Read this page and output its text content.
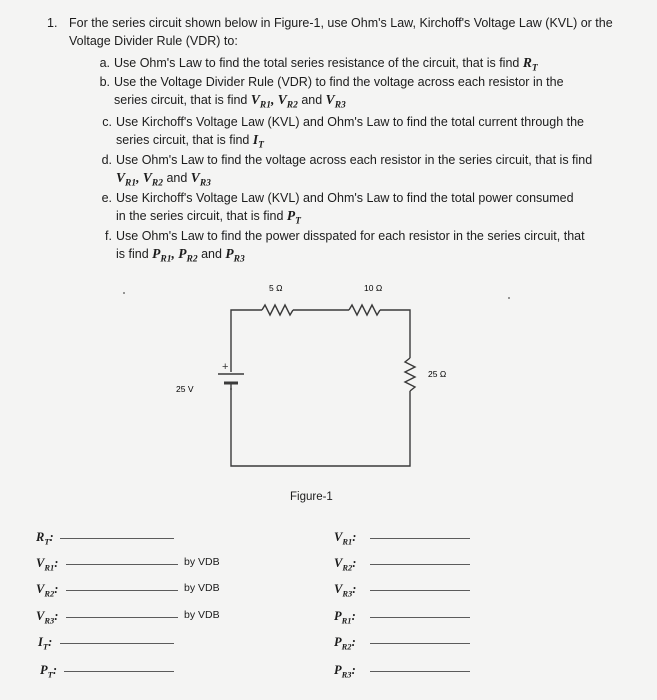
1. For the series circuit shown below in Figure-1, use Ohm's Law, Kirchoff's Voltage Law (KVL) or the Voltage Divider Rule (VDR) to:
a. Use Ohm's Law to find the total series resistance of the circuit, that is find $R_T$
b. Use the Voltage Divider Rule (VDR) to find the voltage across each resistor in the series circuit, that is find $V_{R1}$, $V_{R2}$ and $V_{R3}$
c. Use Kirchoff's Voltage Law (KVL) and Ohm's Law to find the total current through the series circuit, that is find $I_T$
d. Use Ohm's Law to find the voltage across each resistor in the series circuit, that is find $V_{R1}$, $V_{R2}$ and $V_{R3}$
e. Use Kirchoff's Voltage Law (KVL) and Ohm's Law to find the total power consumed in the series circuit, that is find $P_T$
f. Use Ohm's Law to find the power disspated for each resistor in the series circuit, that is find $P_{R1}$, $P_{R2}$ and $P_{R3}$
5 Ω	10 Ω
25 Ω
25 V
+
Figure-1
$R_T$:
$V_{R1}$:	by VDB
$V_{R2}$:	by VDB
$V_{R3}$:	by VDB
$I_T$:
$P_T$:
$V_{R1}$:
$V_{R2}$:
$V_{R3}$:
$P_{R1}$:
$P_{R2}$:
$P_{R3}$:
